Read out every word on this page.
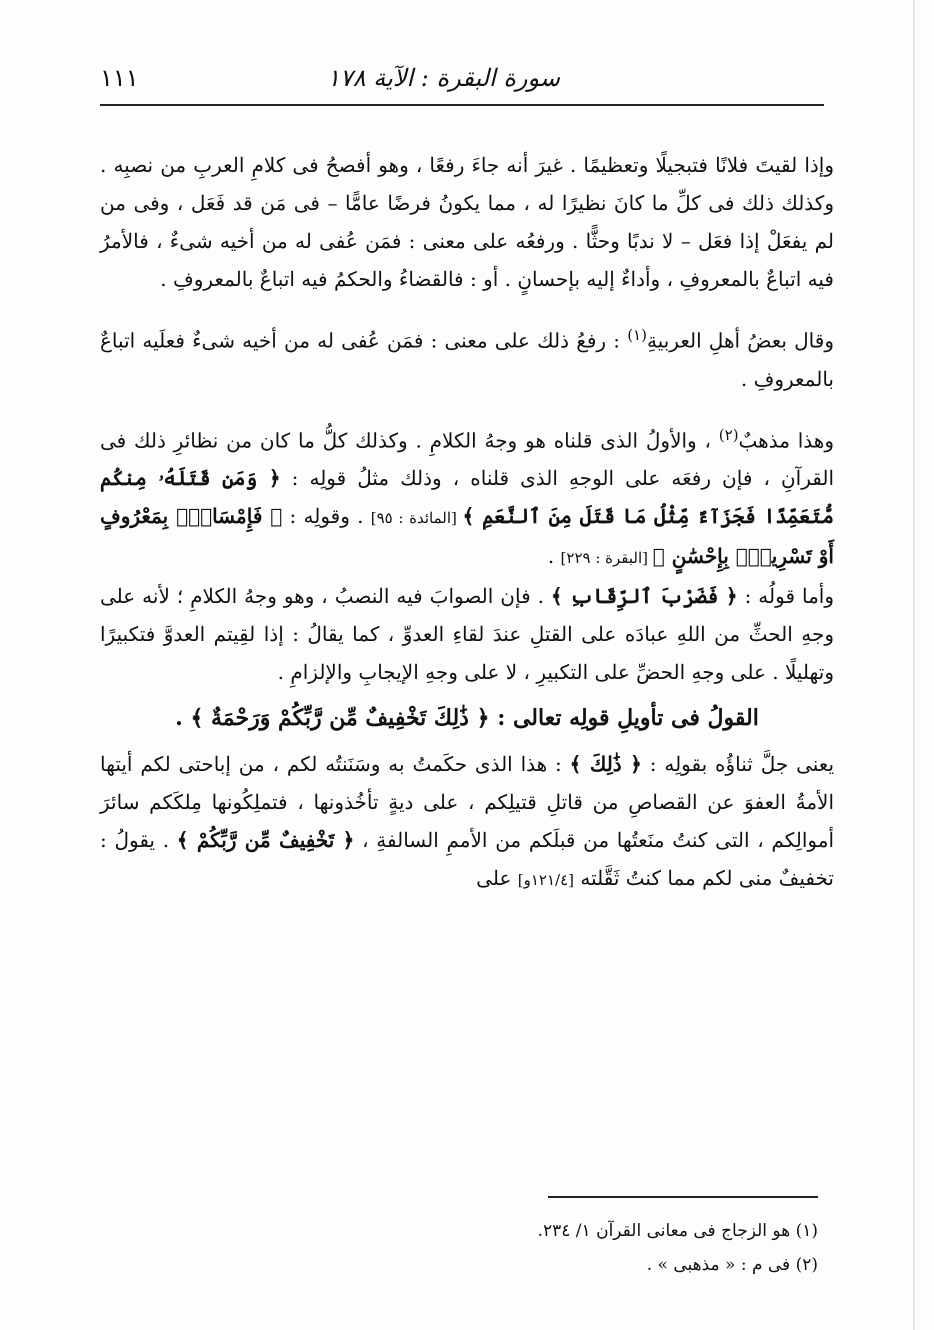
سورة البقرة : الآية ١٧٨
١١١

وإذا لقيتَ فلانًا فتبجيلًا وتعظيمًا . غيرَ أنه جاءَ رفعًا ، وهو أفصحُ فى كلامِ العربِ من نصبِه . وكذلك ذلك فى كلِّ ما كانَ نظيرًا له ، مما يكونُ فرضًا عامًّا – فى مَن قد فَعَل ، وفى من لم يفعَلْ إذا فعَل – لا ندبًا وحثًّا . ورفعُه على معنى : فمَن عُفى له من أخيه شىءٌ ، فالأمرُ فيه اتباعٌ بالمعروفِ ، وأداءٌ إليه بإحسانٍ . أو : فالقضاءُ والحكمُ فيه اتباعٌ بالمعروفِ .

وقال بعضُ أهلِ العربيةِ$^{(١)}$ : رفعُ ذلك على معنى : فمَن عُفى له من أخيه شىءٌ فعلَيه اتباعٌ بالمعروفِ .

وهذا مذهبٌ$^{(٢)}$ ، والأولُ الذى قلناه هو وجهُ الكلامِ . وكذلك كلُّ ما كان من نظائرِ ذلك فى القرآنِ ، فإن رفعَه على الوجهِ الذى قلناه ، وذلك مثلُ قولِه : ﴿ وَمَن قَتَلَهُۥ مِنكُم مُّتَعَمِّدًا فَجَزَآءٌ مِّثْلُ مَا قَتَلَ مِنَ ٱلنَّعَمِ ﴾ [المائدة : ٩٥] . وقولِه : ﴿ فَإِمْسَاكٌۢ بِمَعْرُوفٍ أَوْ تَسْرِيحٌۢ بِإِحْسَٰنٍ ﴾ [البقرة : ٢٢٩] .

وأما قولُه : ﴿ فَضَرْبَ ٱلرِّقَابِ ﴾ . فإن الصوابَ فيه النصبُ ، وهو وجهُ الكلامِ ؛ لأنه على وجهِ الحثِّ من اللهِ عبادَه على القتلِ عندَ لقاءِ العدوِّ ، كما يقالُ : إذا لقِيتم العدوَّ فتكبيرًا وتهليلًا . على وجهِ الحضِّ على التكبيرِ ، لا على وجهِ الإيجابِ والإلزامِ .

القولُ فى تأويلِ قولِه تعالى : ﴿ ذَٰلِكَ تَخْفِيفٌ مِّن رَّبِّكُمْ وَرَحْمَةٌ ﴾ .

يعنى جلَّ ثناؤُه بقولِه : ﴿ ذَٰلِكَ ﴾ : هذا الذى حكَمتُ به وسَنَنتُه لكم ، من إباحتى لكم أيتها الأمةُ العفوَ عن القصاصِ من قاتلِ قتيلِكم ، على ديةٍ تأخُذونها ، فتملِكُونها مِلكَكم سائرَ أموالِكم ، التى كنتُ منَعتُها من قبلَكم من الأممِ السالفةِ ، ﴿ تَخْفِيفٌ مِّن رَّبِّكُمْ ﴾ . يقولُ : تخفيفٌ منى لكم مما كنتُ ثَقَّلته [١٢١/٤و] على

(١) هو الزجاج فى معانى القرآن ١/ ٢٣٤.
(٢) فى م : « مذهبى » .
